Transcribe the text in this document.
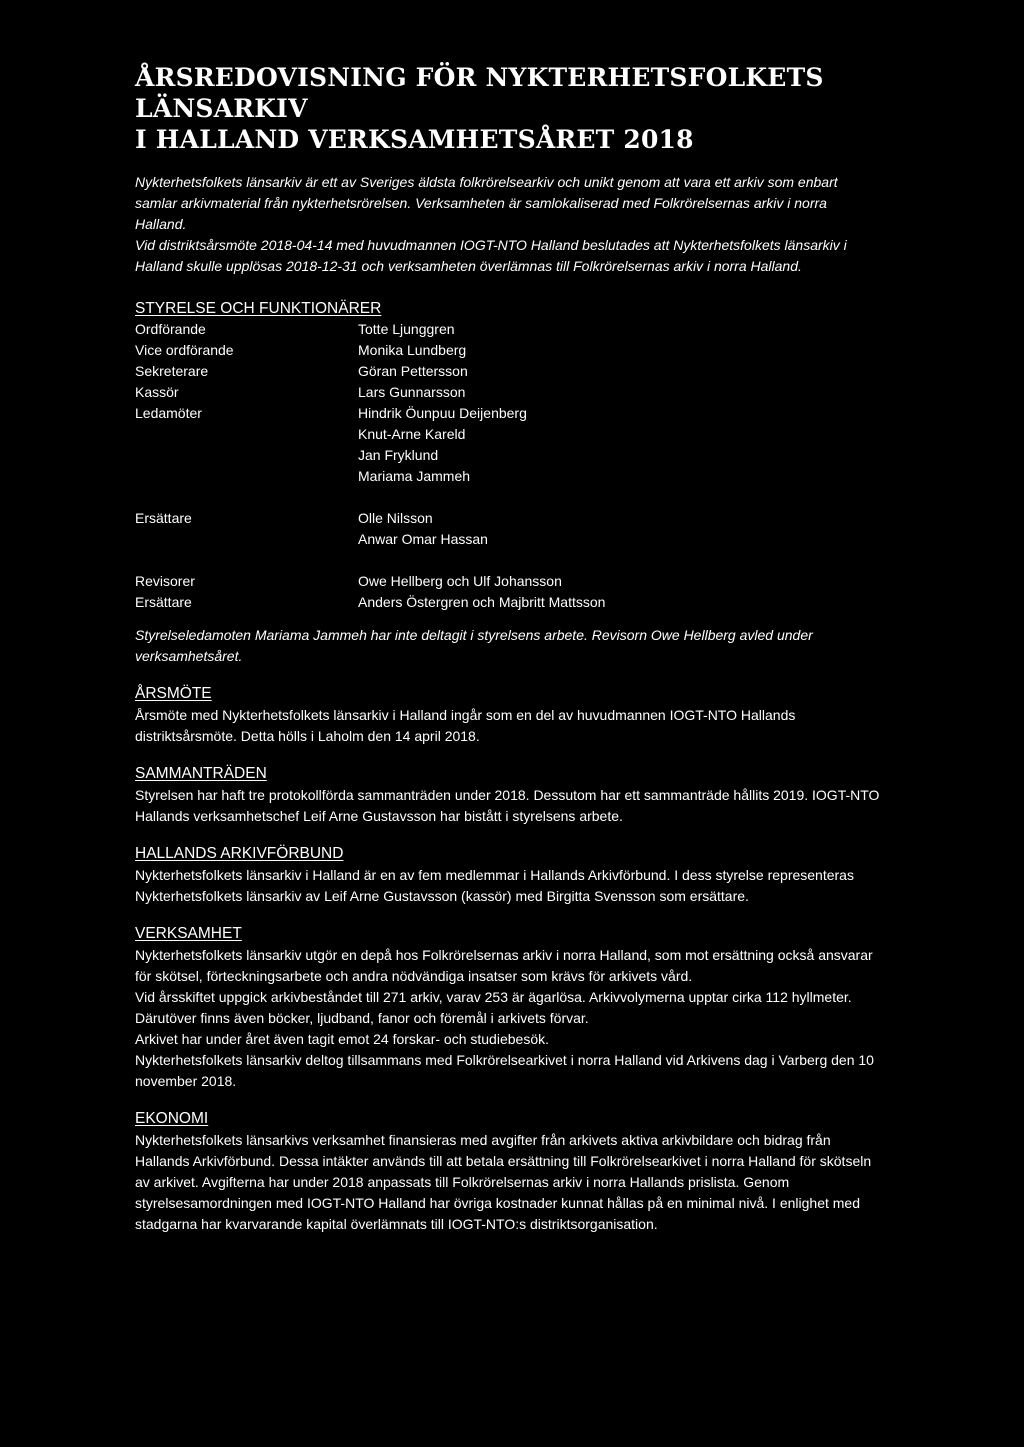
ÅRSREDOVISNING FÖR NYKTERHETSFOLKETS LÄNSARKIV
I HALLAND VERKSAMHETSÅRET 2018

Nykterhetsfolkets länsarkiv är ett av Sveriges äldsta folkrörelsearkiv och unikt genom att vara ett arkiv som enbart samlar arkivmaterial från nykterhetsrörelsen. Verksamheten är samlokaliserad med Folkrörelsernas arkiv i norra Halland.

Vid distriktsårsmöte 2018-04-14 med huvudmannen IOGT-NTO Halland beslutades att Nykterhetsfolkets länsarkiv i Halland skulle upplösas 2018-12-31 och verksamheten överlämnas till Folkrörelsernas arkiv i norra Halland.

STYRELSE OCH FUNKTIONÄRER
Ordförande	Totte Ljunggren
Vice ordförande	Monika Lundberg
Sekreterare	Göran Pettersson
Kassör	Lars Gunnarsson
Ledamöter	Hindrik Öunpuu Deijenberg
Knut-Arne Kareld
Jan Fryklund
Mariama Jammeh
Ersättare	Olle Nilsson
Anwar Omar Hassan
Revisorer	Owe Hellberg och Ulf Johansson
Ersättare	Anders Östergren och Majbritt Mattsson
Styrelseledamoten Mariama Jammeh har inte deltagit i styrelsens arbete. Revisorn Owe Hellberg avled under verksamhetsåret.
ÅRSMÖTE

Årsmöte med Nykterhetsfolkets länsarkiv i Halland ingår som en del av huvudmannen IOGT-NTO Hallands distriktsårsmöte. Detta hölls i Laholm den 14 april 2018.

SAMMANTRÄDEN

Styrelsen har haft tre protokollförda sammanträden under 2018. Dessutom har ett sammanträde hållits 2019. IOGT-NTO Hallands verksamhetschef Leif Arne Gustavsson har bistått i styrelsens arbete.

HALLANDS ARKIVFÖRBUND

Nykterhetsfolkets länsarkiv i Halland är en av fem medlemmar i Hallands Arkivförbund. I dess styrelse representeras Nykterhetsfolkets länsarkiv av Leif Arne Gustavsson (kassör) med Birgitta Svensson som ersättare.

VERKSAMHET

Nykterhetsfolkets länsarkiv utgör en depå hos Folkrörelsernas arkiv i norra Halland, som mot ersättning också ansvarar för skötsel, förteckningsarbete och andra nödvändiga insatser som krävs för arkivets vård.

Vid årsskiftet uppgick arkivbeståndet till 271 arkiv, varav 253 är ägarlösa. Arkivvolymerna upptar cirka 112 hyllmeter. Därutöver finns även böcker, ljudband, fanor och föremål i arkivets förvar.

Arkivet har under året även tagit emot 24 forskar- och studiebesök.

Nykterhetsfolkets länsarkiv deltog tillsammans med Folkrörelsearkivet i norra Halland vid Arkivens dag i Varberg den 10 november 2018.

EKONOMI

Nykterhetsfolkets länsarkivs verksamhet finansieras med avgifter från arkivets aktiva arkivbildare och bidrag från Hallands Arkivförbund. Dessa intäkter används till att betala ersättning till Folkrörelsearkivet i norra Halland för skötseln av arkivet. Avgifterna har under 2018 anpassats till Folkrörelsernas arkiv i norra Hallands prislista. Genom styrelsesamordningen med IOGT-NTO Halland har övriga kostnader kunnat hållas på en minimal nivå. I enlighet med stadgarna har kvarvarande kapital överlämnats till IOGT-NTO:s distriktsorganisation.
